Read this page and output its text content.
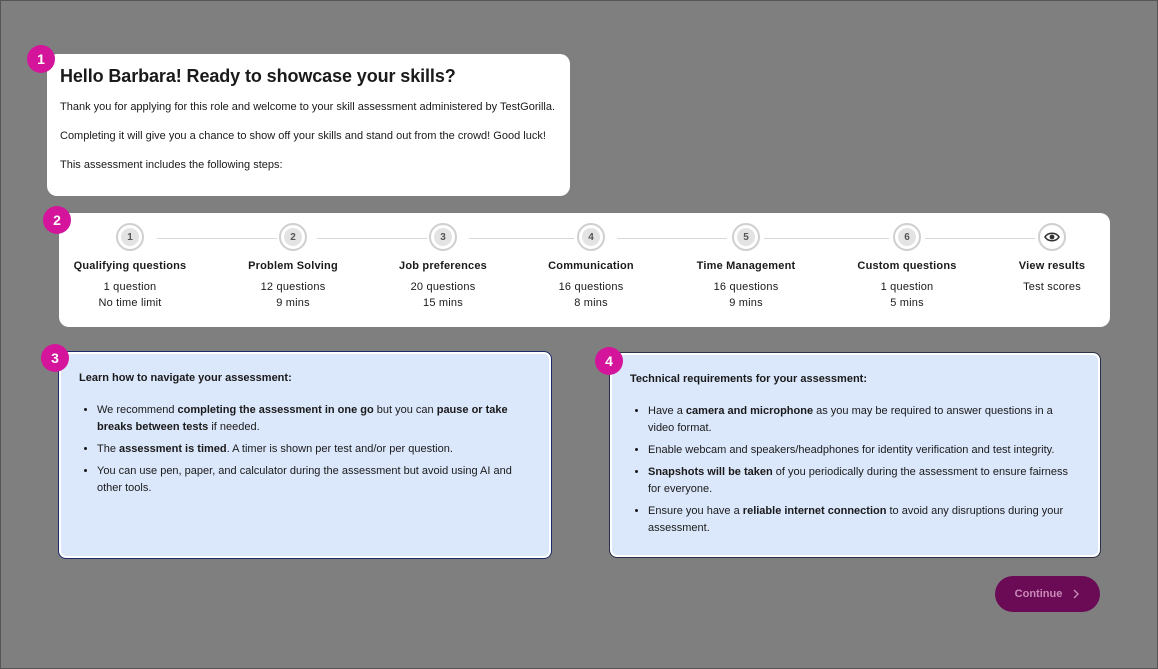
1
2
3	4
Hello Barbara! Ready to showcase your skills?

Thank you for applying for this role and welcome to your skill assessment administered by TestGorilla.

Completing it will give you a chance to show off your skills and stand out from the crowd! Good luck!

This assessment includes the following steps:

1
Qualifying questions
1 question
No time limit
2
Problem Solving
12 questions
9 mins
3
Job preferences
20 questions
15 mins
4
Communication
16 questions
8 mins
5
Time Management
16 questions
9 mins
6
Custom questions
1 question
5 mins
View results
Test scores
Learn how to navigate your assessment:
• We recommend completing the assessment in one go but you can pause or take breaks between tests if needed.
• The assessment is timed. A timer is shown per test and/or per question.
• You can use pen, paper, and calculator during the assessment but avoid using AI and other tools.
Technical requirements for your assessment:
• Have a camera and microphone as you may be required to answer questions in a video format.
• Enable webcam and speakers/headphones for identity verification and test integrity.
• Snapshots will be taken of you periodically during the assessment to ensure fairness for everyone.
• Ensure you have a reliable internet connection to avoid any disruptions during your assessment.
Continue
